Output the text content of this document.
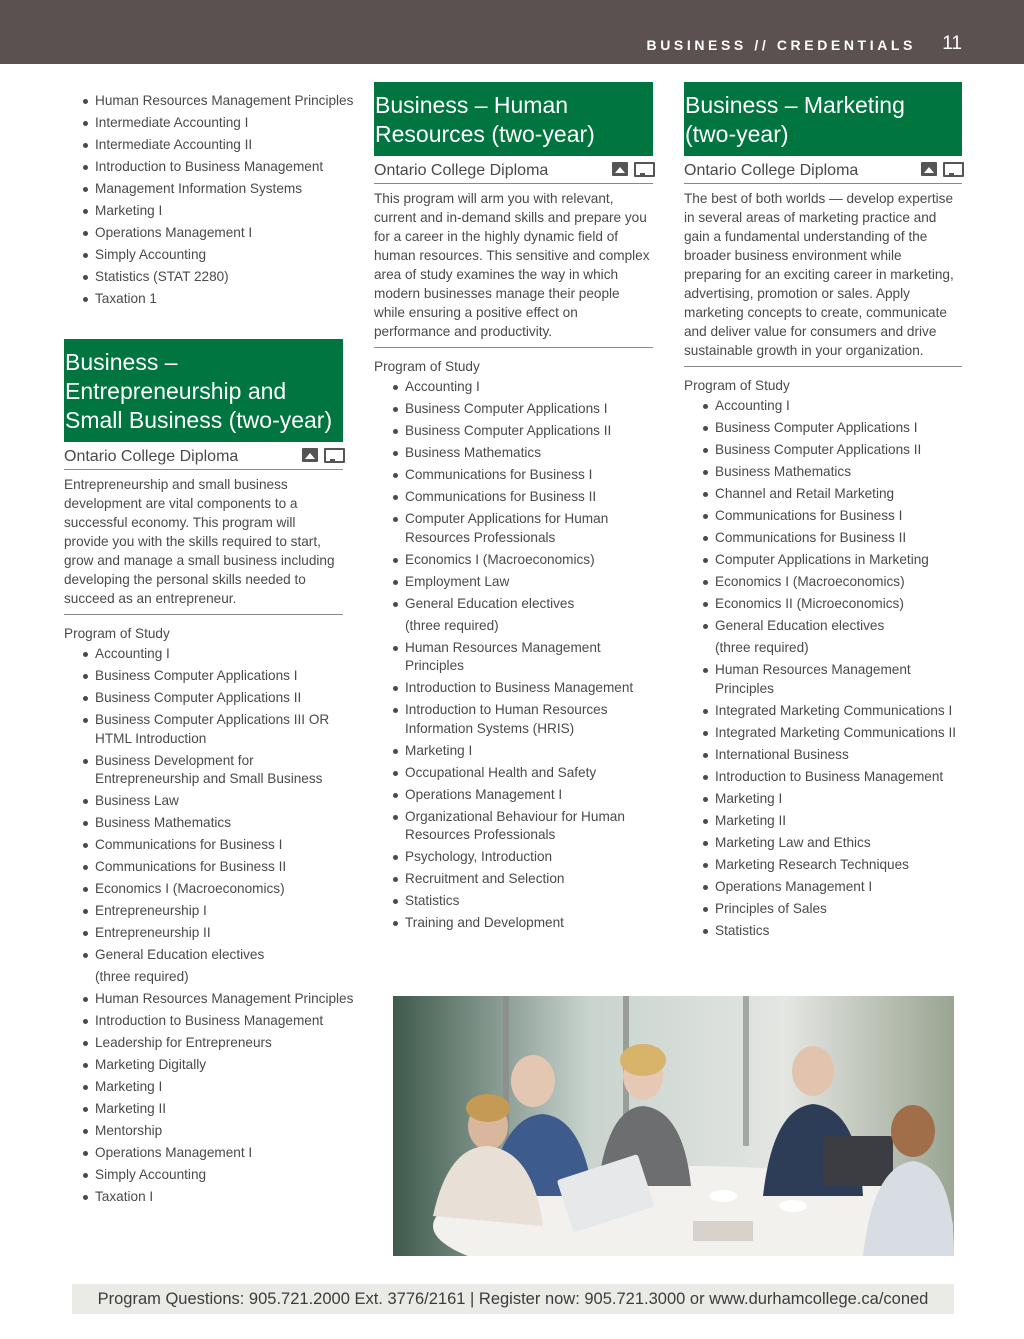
BUSINESS // CREDENTIALS 11
Human Resources Management Principles
Intermediate Accounting I
Intermediate Accounting II
Introduction to Business Management
Management Information Systems
Marketing I
Operations Management I
Simply Accounting
Statistics (STAT 2280)
Taxation 1
Business – Entrepreneurship and Small Business (two-year)
Ontario College Diploma
Entrepreneurship and small business development are vital components to a successful economy. This program will provide you with the skills required to start, grow and manage a small business including developing the personal skills needed to succeed as an entrepreneur.
Program of Study
Accounting I
Business Computer Applications I
Business Computer Applications II
Business Computer Applications III OR HTML Introduction
Business Development for Entrepreneurship and Small Business
Business Law
Business Mathematics
Communications for Business I
Communications for Business II
Economics I (Macroeconomics)
Entrepreneurship I
Entrepreneurship II
General Education electives
(three required)
Human Resources Management Principles
Introduction to Business Management
Leadership for Entrepreneurs
Marketing Digitally
Marketing I
Marketing II
Mentorship
Operations Management I
Simply Accounting
Taxation I
Business – Human Resources (two-year)
Ontario College Diploma
This program will arm you with relevant, current and in-demand skills and prepare you for a career in the highly dynamic field of human resources. This sensitive and complex area of study examines the way in which modern businesses manage their people while ensuring a positive effect on performance and productivity.
Program of Study
Accounting I
Business Computer Applications I
Business Computer Applications II
Business Mathematics
Communications for Business I
Communications for Business II
Computer Applications for Human Resources Professionals
Economics I (Macroeconomics)
Employment Law
General Education electives
(three required)
Human Resources Management Principles
Introduction to Business Management
Introduction to Human Resources Information Systems (HRIS)
Marketing I
Occupational Health and Safety
Operations Management I
Organizational Behaviour for Human Resources Professionals
Psychology, Introduction
Recruitment and Selection
Statistics
Training and Development
Business – Marketing (two-year)
Ontario College Diploma
The best of both worlds — develop expertise in several areas of marketing practice and gain a fundamental understanding of the broader business environment while preparing for an exciting career in marketing, advertising, promotion or sales. Apply marketing concepts to create, communicate and deliver value for consumers and drive sustainable growth in your organization.
Program of Study
Accounting I
Business Computer Applications I
Business Computer Applications II
Business Mathematics
Channel and Retail Marketing
Communications for Business I
Communications for Business II
Computer Applications in Marketing
Economics I (Macroeconomics)
Economics II (Microeconomics)
General Education electives
(three required)
Human Resources Management Principles
Integrated Marketing Communications I
Integrated Marketing Communications II
International Business
Introduction to Business Management
Marketing I
Marketing II
Marketing Law and Ethics
Marketing Research Techniques
Operations Management I
Principles of Sales
Statistics
Program Questions: 905.721.2000 Ext. 3776/2161 | Register now: 905.721.3000 or www.durhamcollege.ca/coned
